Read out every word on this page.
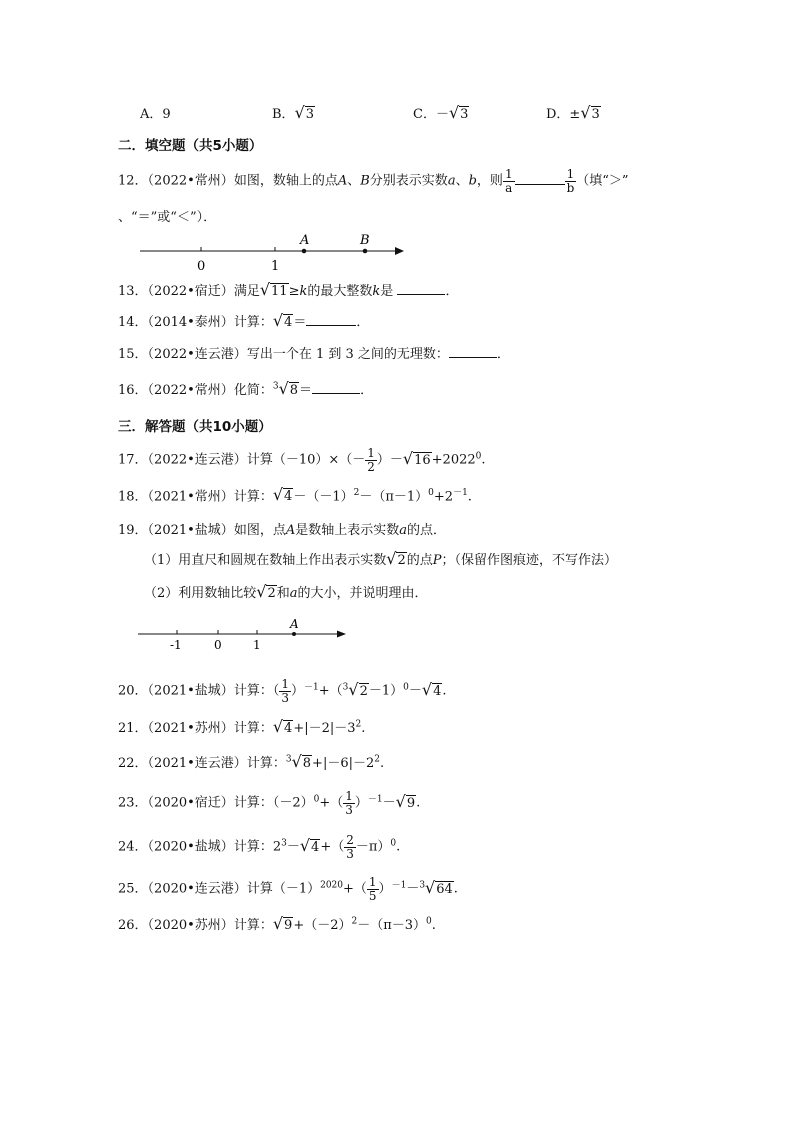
A．9	B．√3	C．－√3	D．±√3
二．填空题（共5小题）
12．（2022•常州）如图，数轴上的点A、B分别表示实数a、b，则 $\frac{1}{a}$	$\frac{1}{b}$ （填“＞”
、“＝”或“＜”）．
0	1
A	B
13．（2022•宿迁）满足√11≥k的最大整数k是	．
14．（2014•泰州）计算：√4＝	．
15．（2022•连云港）写出一个在 1 到 3 之间的无理数：	．
16．（2022•常州）化简：$^3$√8＝	．
三．解答题（共10小题）
17．（2022•连云港）计算$(-10)\times(- \frac{1}{2} )-√16+2022^0$.
18．（2021•常州）计算：$√4-(-1)^2-(\pi-1)^0+2^{-1}$.
19．（2021•盐城）如图，点A是数轴上表示实数a的点．
（1）用直尺和圆规在数轴上作出表示实数√2的点P；（保留作图痕迹，不写作法）
（2）利用数轴比较√2和a的大小，并说明理由．
-1	0	1
A
20．（2021•盐城）计算：（ $\frac{1}{3} )^{-1}+(^3√2-1)^0-√4$.
21．（2021•苏州）计算：$√4+|-2|-3^2$.
22．（2021•连云港）计算：$^3√8+|-6|-2^2$.
23．（2020•宿迁）计算：$(-2)^0+( \frac{1}{3} )^{-1}-√9$.
24．（2020•盐城）计算：$2^3-√4+( \frac{2}{3} -\pi)^0$.
25．（2020•连云港）计算$(-1)^{2020}+( \frac{1}{5} )^{-1}-^3√64$.
26．（2020•苏州）计算：$√9+(-2)^2-(\pi-3)^0$.
